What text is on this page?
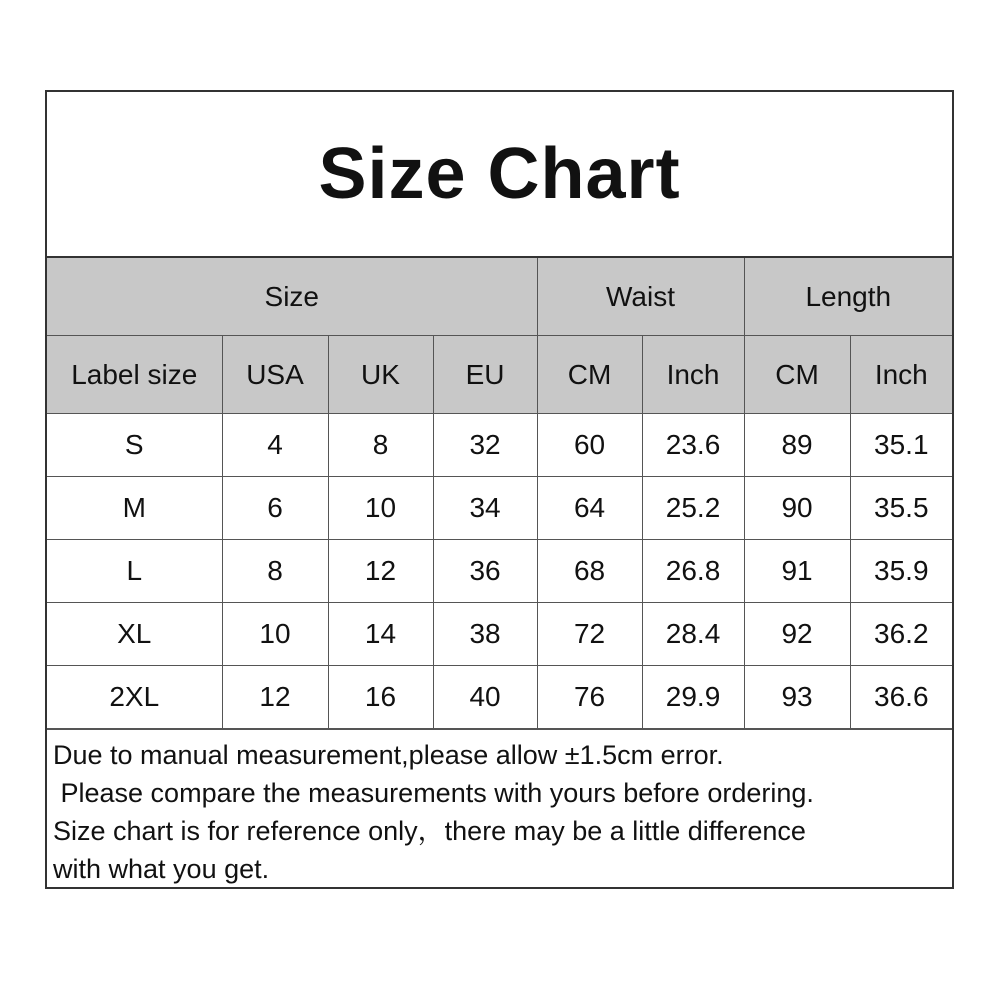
Size Chart
Size				Waist		Length	
Label size	USA	UK	EU	CM	Inch	CM	Inch
S	4	8	32	60	23.6	89	35.1
M	6	10	34	64	25.2	90	35.5
L	8	12	36	68	26.8	91	35.9
XL	10	14	38	72	28.4	92	36.2
2XL	12	16	40	76	29.9	93	36.6
Due to manual measurement,please allow ±1.5cm error.
Please compare the measurements with yours before ordering.
Size chart is for reference only，there may be a little difference
with what you get.
